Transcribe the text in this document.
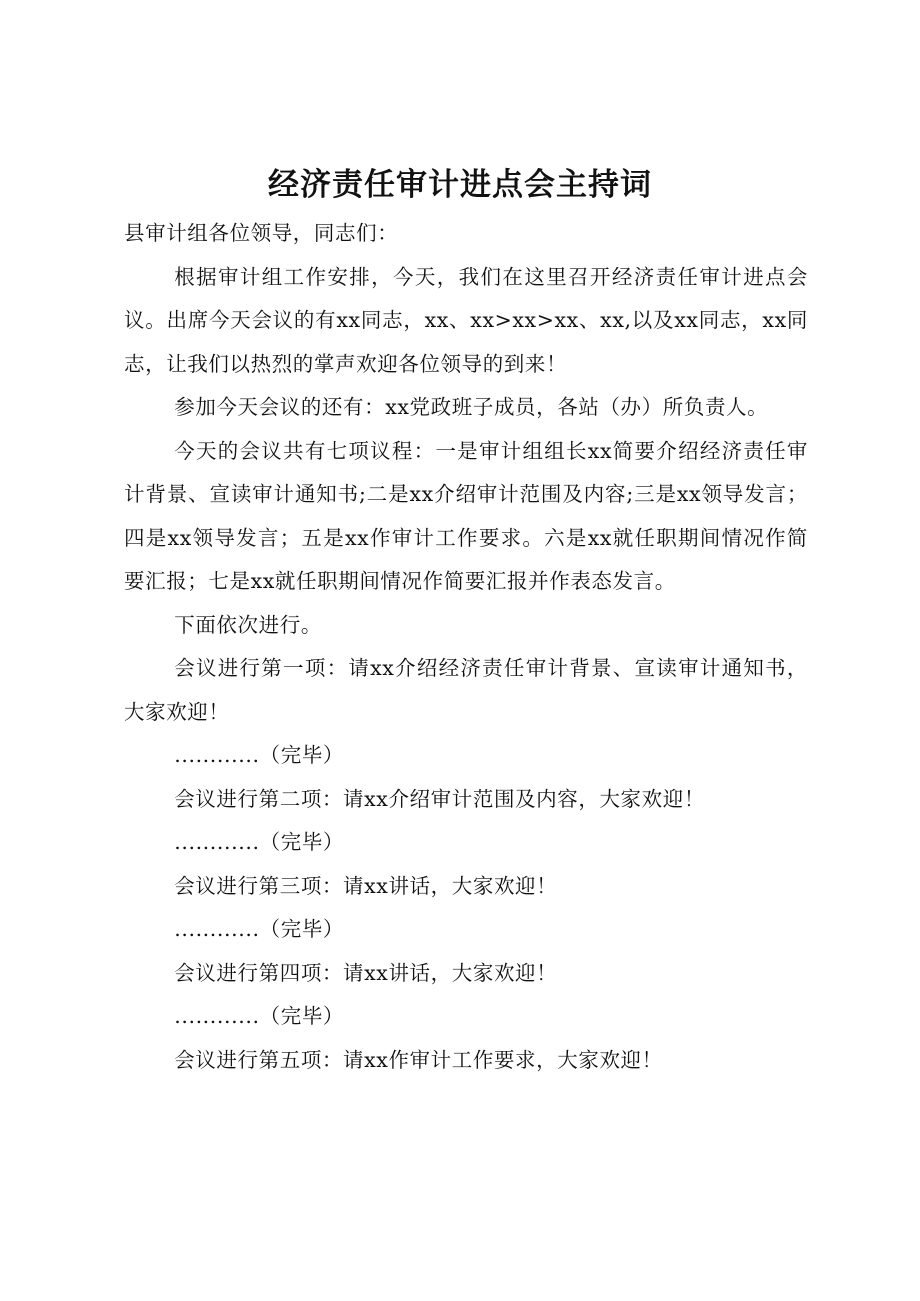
经济责任审计进点会主持词

县审计组各位领导，同志们：

根据审计组工作安排，今天，我们在这里召开经济责任审计进点会议。出席今天会议的有xx同志，xx、xx>xx>xx、xx,以及xx同志，xx同志，让我们以热烈的掌声欢迎各位领导的到来！

参加今天会议的还有：xx党政班子成员，各站（办）所负责人。

今天的会议共有七项议程：一是审计组组长xx简要介绍经济责任审计背景、宣读审计通知书;二是xx介绍审计范围及内容;三是xx领导发言；四是xx领导发言；五是xx作审计工作要求。六是xx就任职期间情况作简要汇报；七是xx就任职期间情况作简要汇报并作表态发言。

下面依次进行。

会议进行第一项：请xx介绍经济责任审计背景、宣读审计通知书，大家欢迎！

............（完毕）

会议进行第二项：请xx介绍审计范围及内容，大家欢迎！

............（完毕）

会议进行第三项：请xx讲话，大家欢迎！

............（完毕）

会议进行第四项：请xx讲话，大家欢迎！

............（完毕）

会议进行第五项：请xx作审计工作要求，大家欢迎！
